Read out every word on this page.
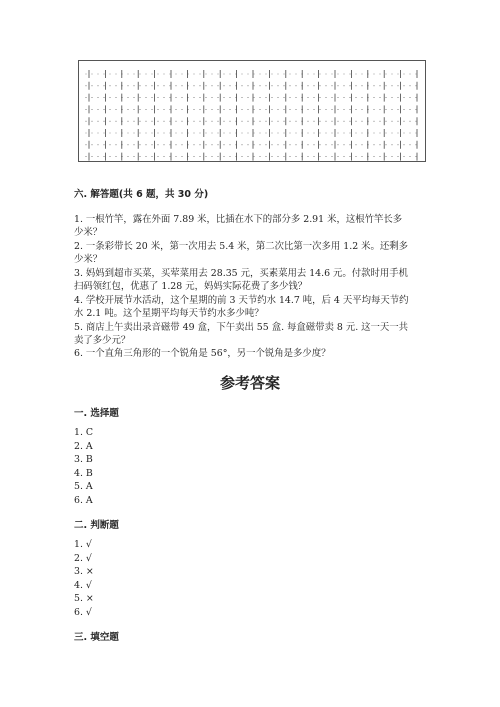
六. 解答题(共 6 题，共 30 分)
1. 一根竹竿，露在外面 7.89 米，比插在水下的部分多 2.91 米，这根竹竿长多
少米？
2. 一条彩带长 20 米，第一次用去 5.4 米，第二次比第一次多用 1.2 米。还剩多
少米？
3. 妈妈到超市买菜，买荤菜用去 28.35 元，买素菜用去 14.6 元。付款时用手机
扫码领红包，优惠了 1.28 元，妈妈实际花费了多少钱？
4. 学校开展节水活动，这个星期的前 3 天节约水 14.7 吨，后 4 天平均每天节约
水 2.1 吨。这个星期平均每天节约水多少吨？
5. 商店上午卖出录音磁带 49 盒，下午卖出 55 盒. 每盒磁带卖 8 元. 这一天一共
卖了多少元？
6. 一个直角三角形的一个锐角是 56°，另一个锐角是多少度？
参考答案
一. 选择题
1. C
2. A
3. B
4. B
5. A
6. A
二. 判断题
1. √
2. √
3. ×
4. √
5. ×
6. √
三. 填空题
